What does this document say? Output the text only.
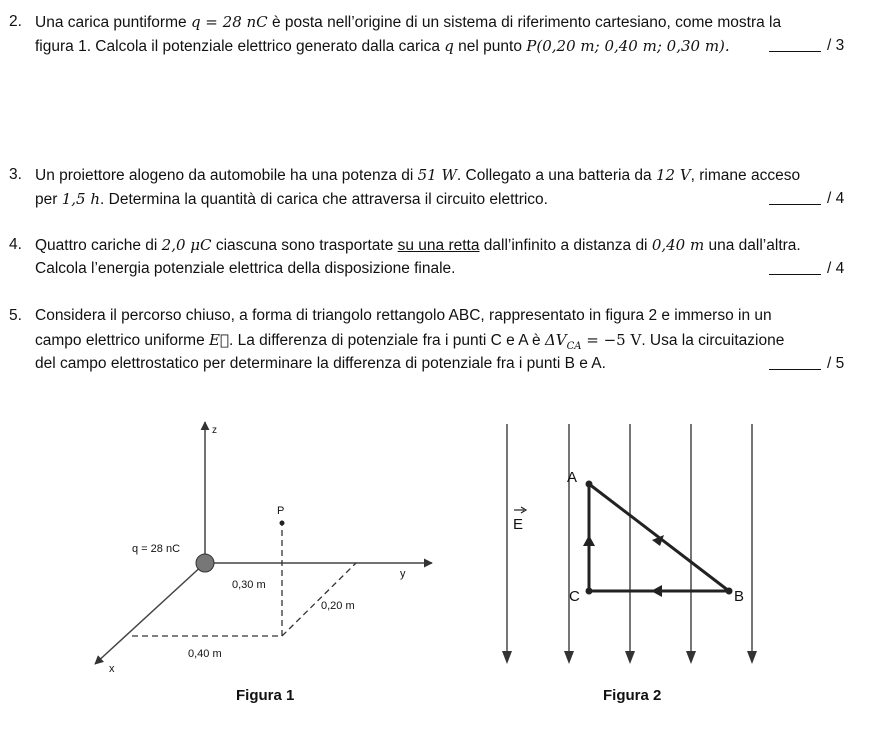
2. Una carica puntiforme q = 28 nC è posta nell’origine di un sistema di riferimento cartesiano, come mostra la
figura 1. Calcola il potenziale elettrico generato dalla carica q nel punto P(0,20 m; 0,40 m; 0,30 m).	/ 3
3. Un proiettore alogeno da automobile ha una potenza di 51 W. Collegato a una batteria da 12 V, rimane acceso
per 1,5 h. Determina la quantità di carica che attraversa il circuito elettrico.	/ 4
4. Quattro cariche di 2,0 μC ciascuna sono trasportate su una retta dall’infinito a distanza di 0,40 m una dall’altra.
Calcola l’energia potenziale elettrica della disposizione finale.	/ 4
5. Considera il percorso chiuso, a forma di triangolo rettangolo ABC, rappresentato in figura 2 e immerso in un
campo elettrico uniforme E⃗. La differenza di potenziale fra i punti C e A è $\Delta V_{CA} = -5$ V. Usa la circuitazione
del campo elettrostatico per determinare la differenza di potenziale fra i punti B e A.	/ 5
z
y
x
P
q = 28 nC
0,30 m
0,20 m
0,40 m
Figura 1
E
A
B
C
Figura 2
